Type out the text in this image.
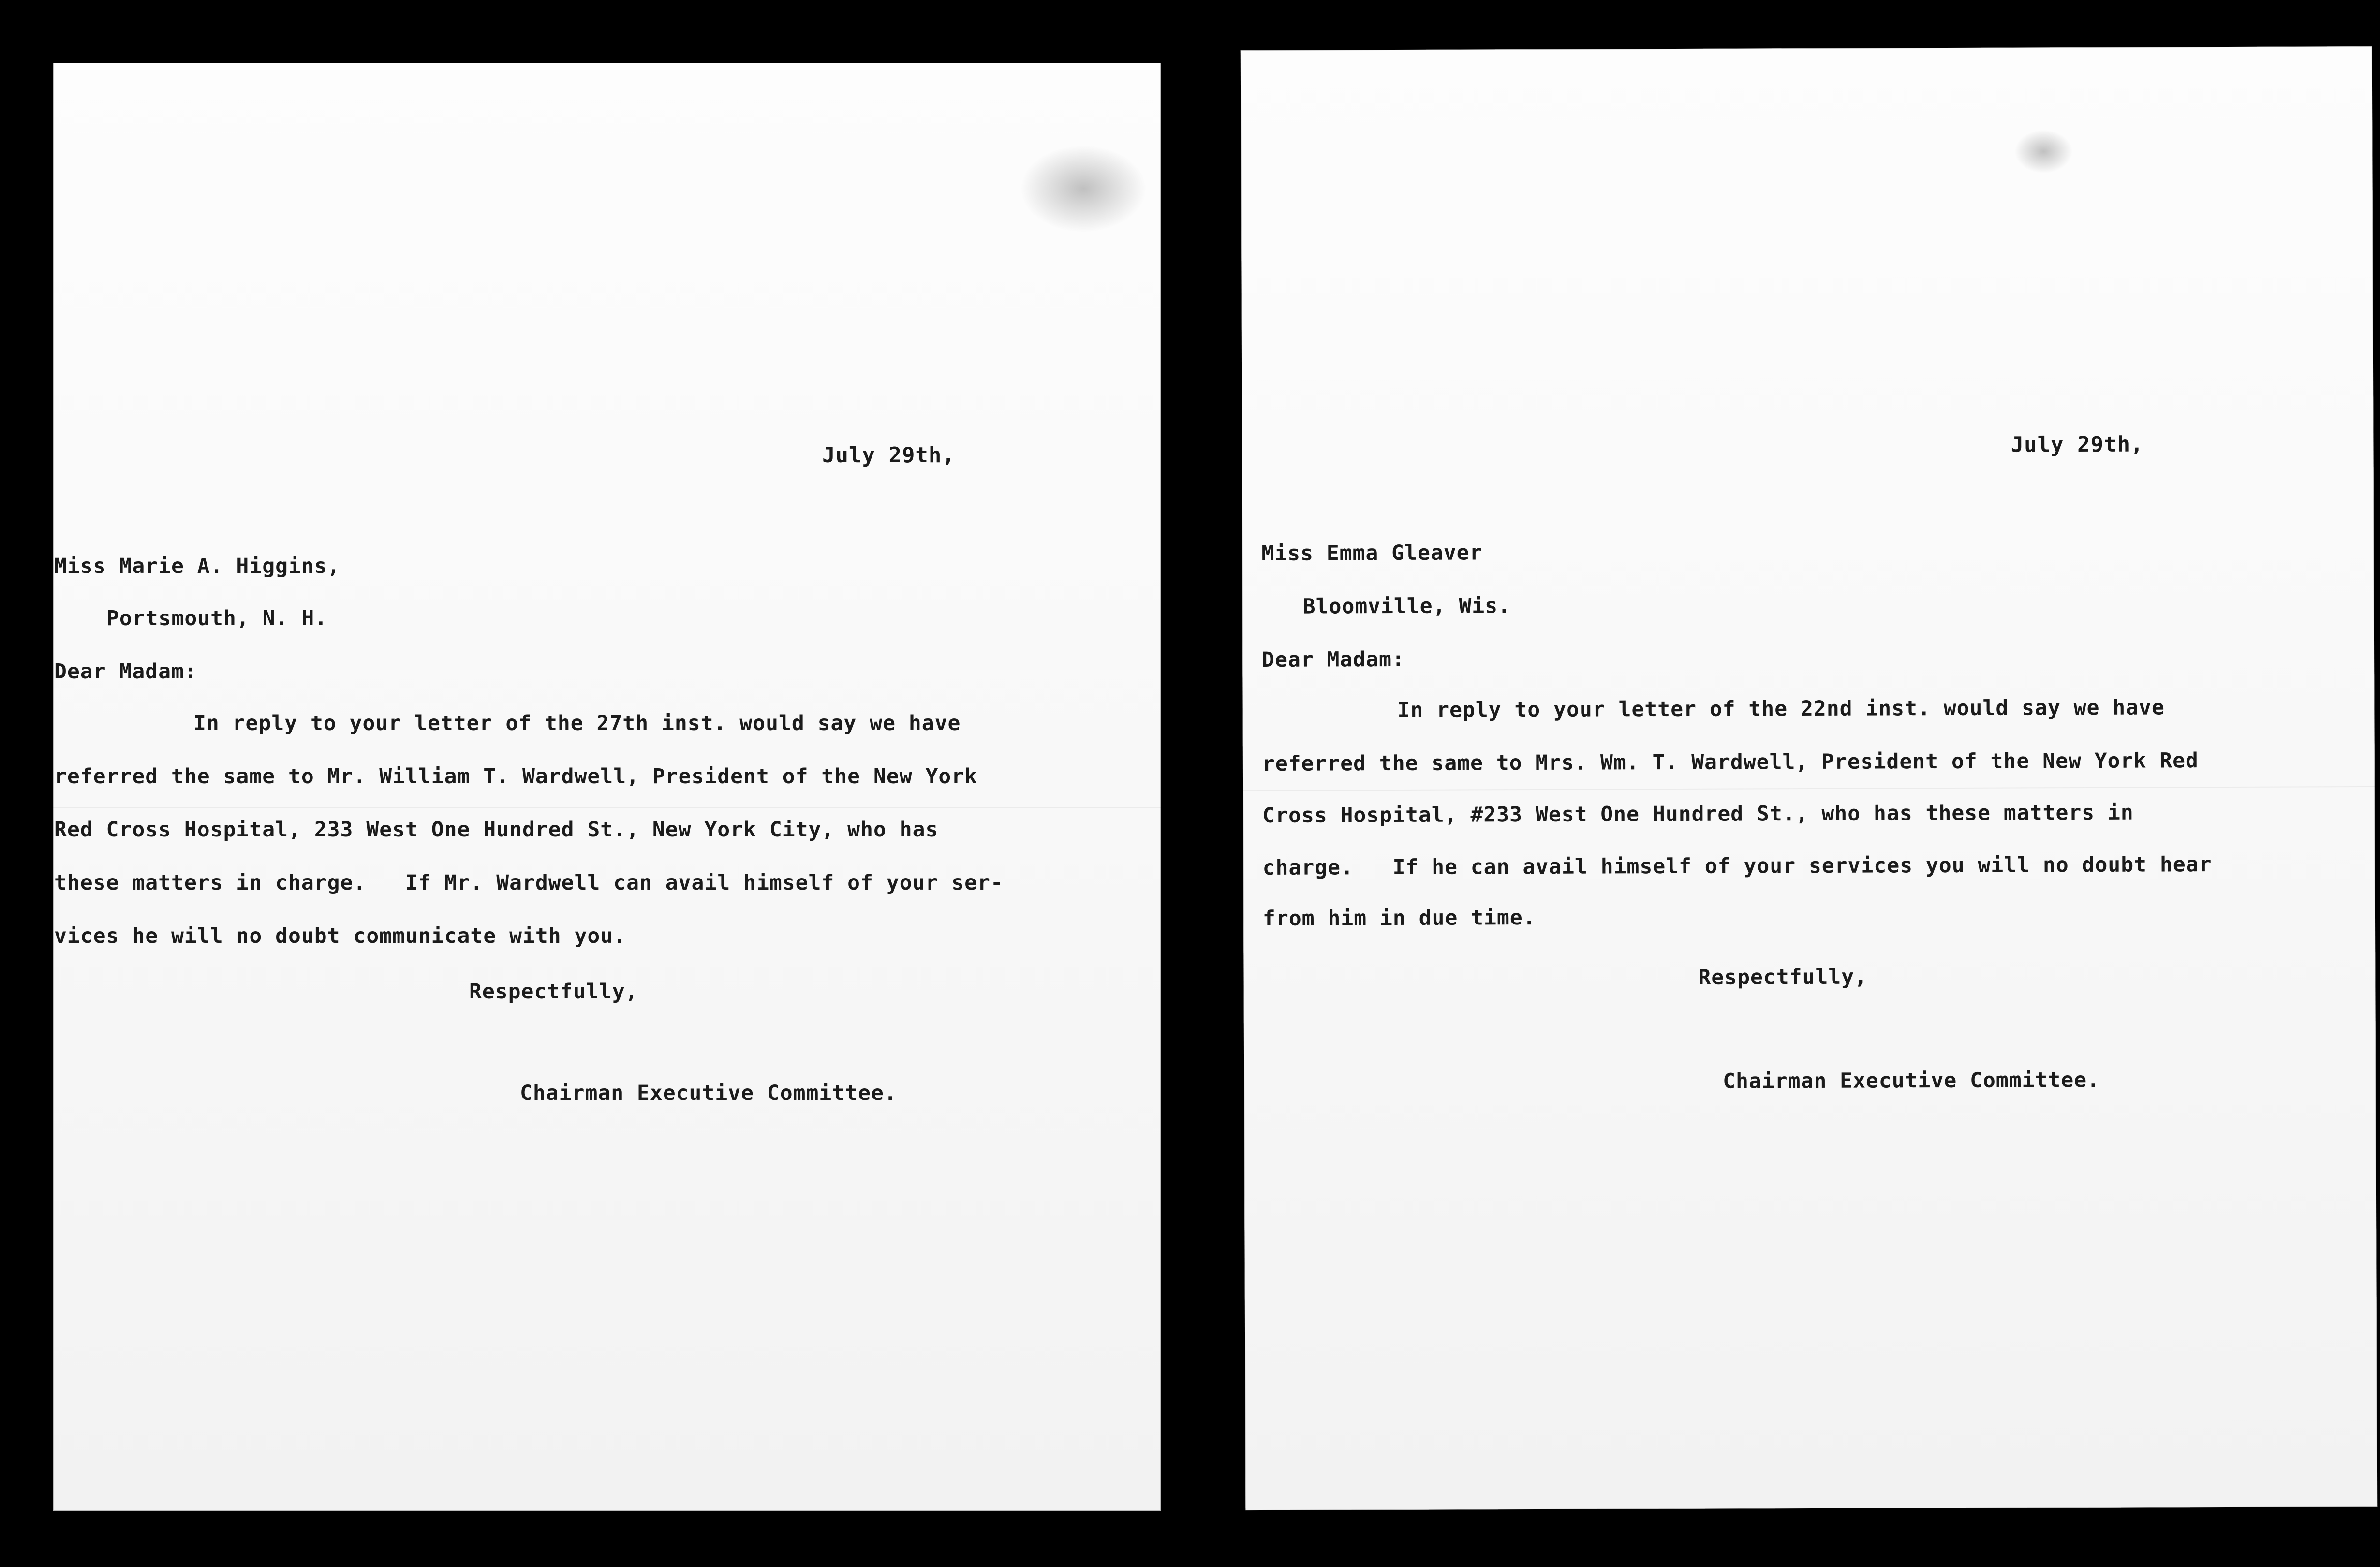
July 29th,
Miss Marie A. Higgins,
Portsmouth, N. H.
Dear Madam:
In reply to your letter of the 27th inst. would say we have
referred the same to Mr. William T. Wardwell, President of the New York
Red Cross Hospital, 233 West One Hundred St., New York City, who has
these matters in charge.   If Mr. Wardwell can avail himself of your ser-
vices he will no doubt communicate with you.
Respectfully,
Chairman Executive Committee.
July 29th,
Miss Emma Gleaver
Bloomville, Wis.
Dear Madam:
In reply to your letter of the 22nd inst. would say we have
referred the same to Mrs. Wm. T. Wardwell, President of the New York Red
Cross Hospital, #233 West One Hundred St., who has these matters in
charge.   If he can avail himself of your services you will no doubt hear
from him in due time.
Respectfully,
Chairman Executive Committee.
